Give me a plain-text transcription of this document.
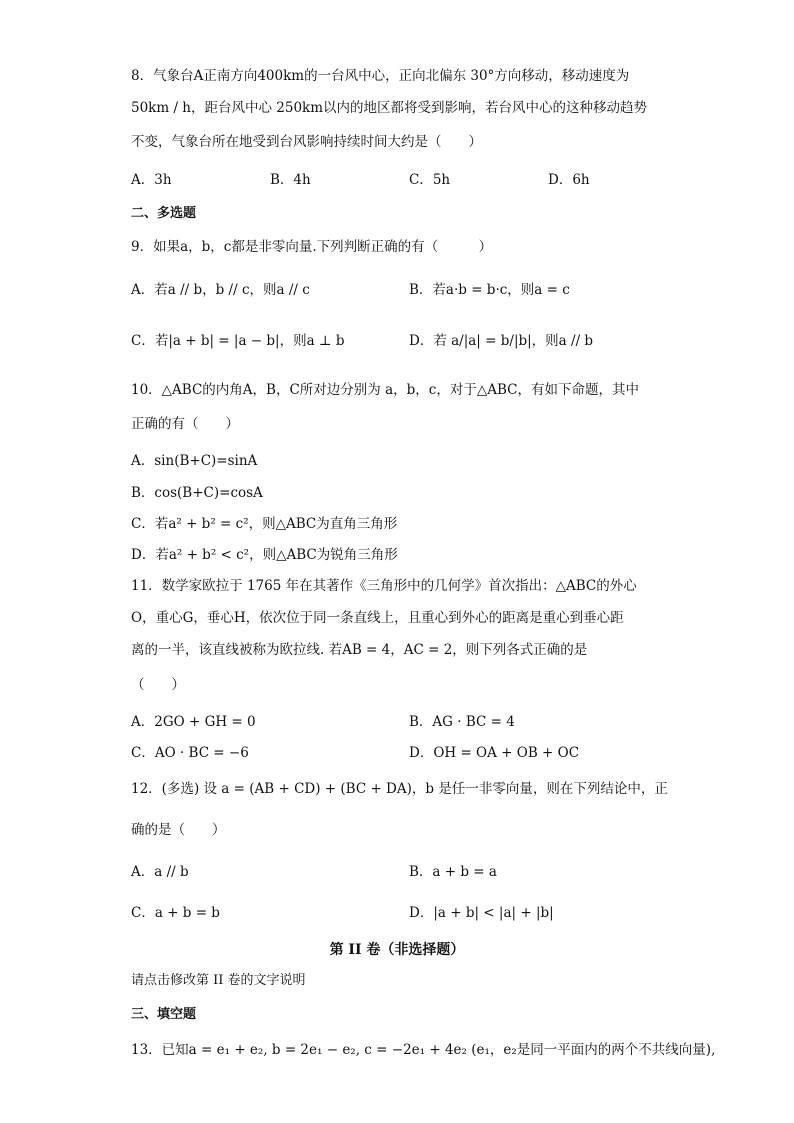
8．气象台A正南方向400km的一台风中心，正向北偏东 30°方向移动，移动速度为
50km / h，距台风中心 250km以内的地区都将受到影响，若台风中心的这种移动趋势
不变，气象台所在地受到台风影响持续时间大约是（　　）
A．3h	B．4h	C．5h	D．6h
二、多选题
9．如果a，b，c都是非零向量.下列判断正确的有（　　　）
A．若a // b，b // c，则a // c	B．若a·b = b·c，则a = c
C．若|a + b| = |a − b|，则a ⊥ b	D．若 a/|a| = b/|b|，则a // b
10．△ABC的内角A，B，C所对边分别为 a，b，c，对于△ABC，有如下命题，其中
正确的有（　　）
A．sin(B+C)=sinA
B．cos(B+C)=cosA
C．若a² + b² = c²，则△ABC为直角三角形
D．若a² + b² < c²，则△ABC为锐角三角形
11．数学家欧拉于 1765 年在其著作《三角形中的几何学》首次指出：△ABC的外心
O，重心G，垂心H，依次位于同一条直线上，且重心到外心的距离是重心到垂心距
离的一半，该直线被称为欧拉线. 若AB = 4，AC = 2，则下列各式正确的是
（　　）
A．2GO + GH = 0	B．AG · BC = 4
C．AO · BC = −6	D．OH = OA + OB + OC
12．(多选) 设 a = (AB + CD) + (BC + DA)，b 是任一非零向量，则在下列结论中，正
确的是（　　）
A．a // b	B．a + b = a
C．a + b = b	D．|a + b| < |a| + |b|
第 II 卷（非选择题）
请点击修改第 II 卷的文字说明
三、填空题
13．已知a = e₁ + e₂, b = 2e₁ − e₂, c = −2e₁ + 4e₂ (e₁，e₂是同一平面内的两个不共线向量),
